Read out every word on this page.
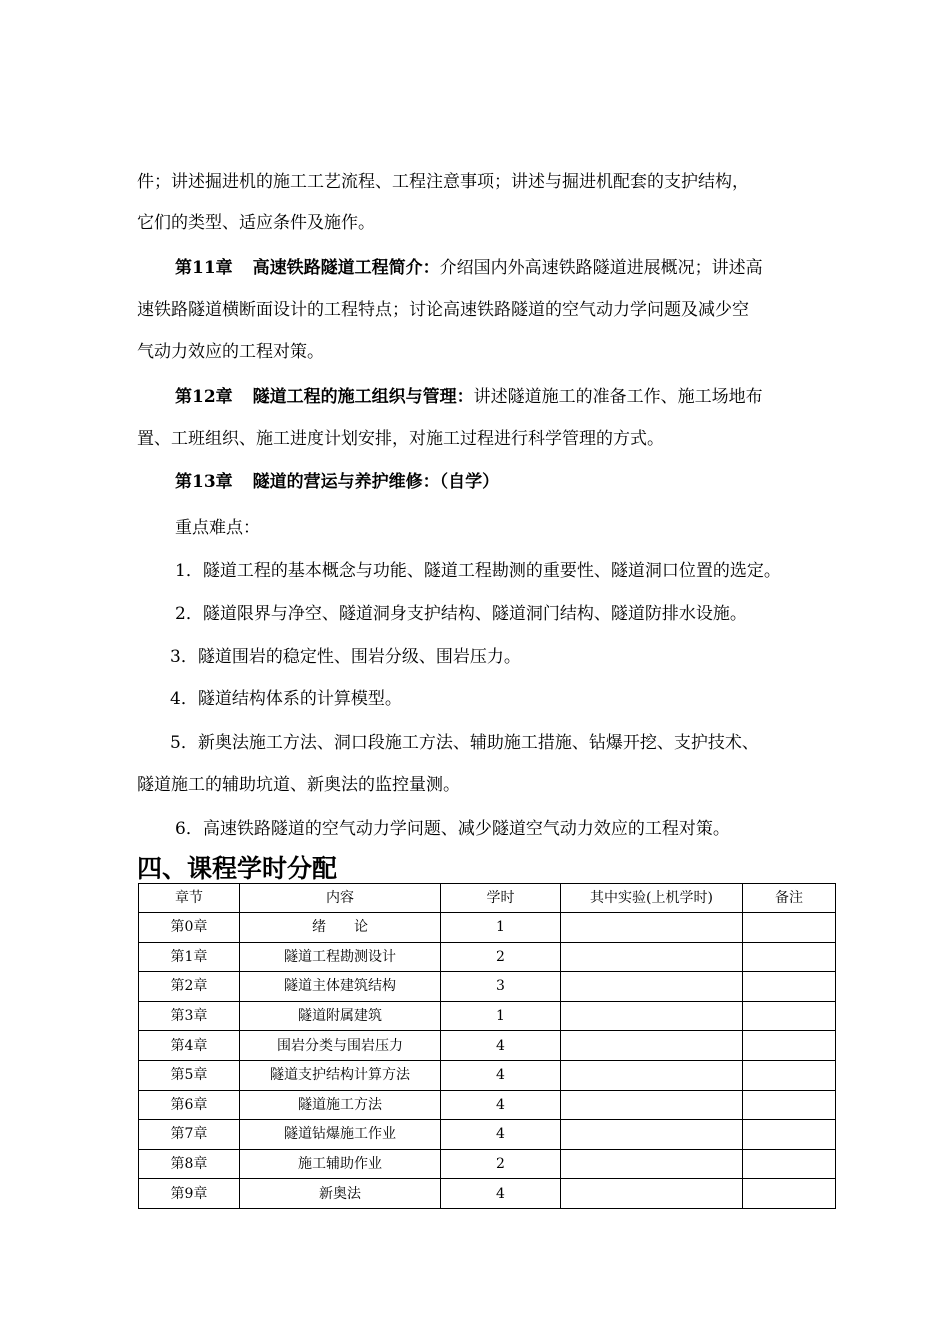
件；讲述掘进机的施工工艺流程、工程注意事项；讲述与掘进机配套的支护结构，
它们的类型、适应条件及施作。
第11章 高速铁路隧道工程简介：介绍国内外高速铁路隧道进展概况；讲述高
速铁路隧道横断面设计的工程特点；讨论高速铁路隧道的空气动力学问题及减少空
气动力效应的工程对策。
第12章 隧道工程的施工组织与管理：讲述隧道施工的准备工作、施工场地布
置、工班组织、施工进度计划安排，对施工过程进行科学管理的方式。
第13章 隧道的营运与养护维修：（自学）
重点难点：
1．隧道工程的基本概念与功能、隧道工程勘测的重要性、隧道洞口位置的选定。
2．隧道限界与净空、隧道洞身支护结构、隧道洞门结构、隧道防排水设施。
3．隧道围岩的稳定性、围岩分级、围岩压力。
4．隧道结构体系的计算模型。
5．新奥法施工方法、洞口段施工方法、辅助施工措施、钻爆开挖、支护技术、
隧道施工的辅助坑道、新奥法的监控量测。
6．高速铁路隧道的空气动力学问题、减少隧道空气动力效应的工程对策。
四、课程学时分配
章节	内容	学时	其中实验(上机学时)	备注
第0章	绪　　论	1		
第1章	隧道工程勘测设计	2		
第2章	隧道主体建筑结构	3		
第3章	隧道附属建筑	1		
第4章	围岩分类与围岩压力	4		
第5章	隧道支护结构计算方法	4		
第6章	隧道施工方法	4		
第7章	隧道钻爆施工作业	4		
第8章	施工辅助作业	2		
第9章	新奥法	4		
